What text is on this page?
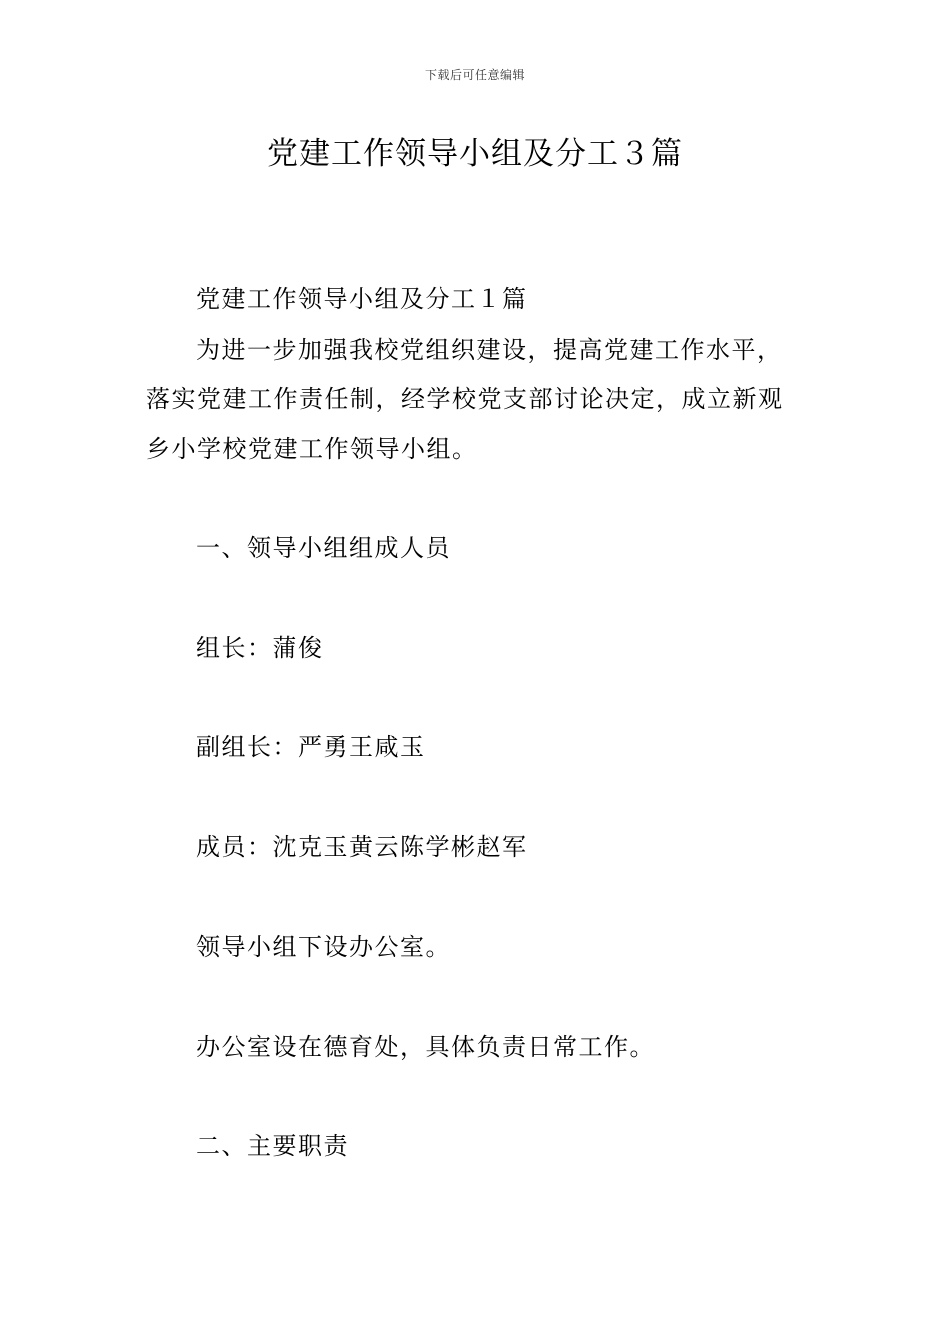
下载后可任意编辑
党建工作领导小组及分工３篇
党建工作领导小组及分工１篇
为进一步加强我校党组织建设，提高党建工作水平，
落实党建工作责任制，经学校党支部讨论决定，成立新观
乡小学校党建工作领导小组。
一、领导小组组成人员
组长：蒲俊
副组长：严勇王咸玉
成员：沈克玉黄云陈学彬赵军
领导小组下设办公室。
办公室设在德育处，具体负责日常工作。
二、主要职责
